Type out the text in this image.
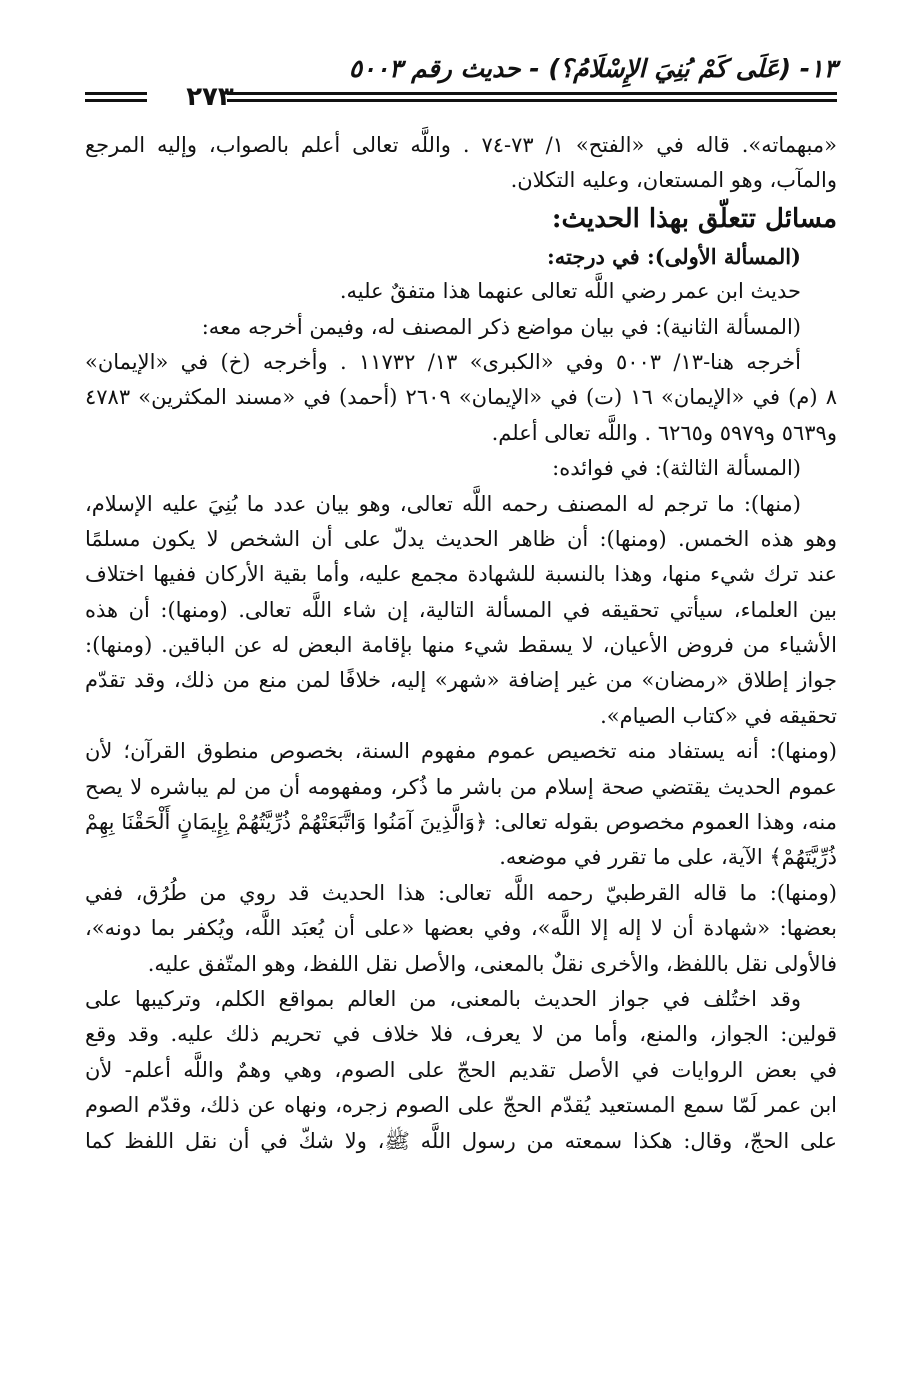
١٣- (عَلَى كَمْ بُنِيَ الإِسْلَامُ؟) - حديث رقم ٥٠٠٣
٢٧٣
«مبهماته». قاله في «الفتح» ١/ ٧٣-٧٤ . واللَّه تعالى أعلم بالصواب، وإليه المرجع
والمآب، وهو المستعان، وعليه التكلان.
مسائل تتعلّق بهذا الحديث:
(المسألة الأولى): في درجته:
حديث ابن عمر رضي اللَّه تعالى عنهما هذا متفقٌ عليه.
(المسألة الثانية): في بيان مواضع ذكر المصنف له، وفيمن أخرجه معه:
أخرجه هنا-١٣/ ٥٠٠٣ وفي «الكبرى» ١٣/ ١١٧٣٢ . وأخرجه (خ) في «الإيمان»
٨ (م) في «الإيمان» ١٦ (ت) في «الإيمان» ٢٦٠٩ (أحمد) في «مسند المكثرين» ٤٧٨٣
و٥٦٣٩ و٥٩٧٩ و٦٢٦٥ . واللَّه تعالى أعلم.
(المسألة الثالثة): في فوائده:
(منها): ما ترجم له المصنف رحمه اللَّه تعالى، وهو بيان عدد ما بُنِيَ عليه الإسلام،
وهو هذه الخمس. (ومنها): أن ظاهر الحديث يدلّ على أن الشخص لا يكون مسلمًا
عند ترك شيء منها، وهذا بالنسبة للشهادة مجمع عليه، وأما بقية الأركان ففيها اختلاف
بين العلماء، سيأتي تحقيقه في المسألة التالية، إن شاء اللَّه تعالى. (ومنها): أن هذه
الأشياء من فروض الأعيان، لا يسقط شيء منها بإقامة البعض له عن الباقين. (ومنها):
جواز إطلاق «رمضان» من غير إضافة «شهر» إليه، خلافًا لمن منع من ذلك، وقد تقدّم
تحقيقه في «كتاب الصيام».
(ومنها): أنه يستفاد منه تخصيص عموم مفهوم السنة، بخصوص منطوق القرآن؛ لأن
عموم الحديث يقتضي صحة إسلام من باشر ما ذُكر، ومفهومه أن من لم يباشره لا يصح
منه، وهذا العموم مخصوص بقوله تعالى: ﴿وَالَّذِينَ آمَنُوا وَاتَّبَعَتْهُمْ ذُرِّيَّتُهُمْ بِإِيمَانٍ أَلْحَقْنَا بِهِمْ
ذُرِّيَّتَهُمْ﴾ الآية، على ما تقرر في موضعه.
(ومنها): ما قاله القرطبيّ رحمه اللَّه تعالى: هذا الحديث قد روي من طُرُق، ففي
بعضها: «شهادة أن لا إله إلا اللَّه»، وفي بعضها «على أن يُعبَد اللَّه، ويُكفر بما دونه»،
فالأولى نقل باللفظ، والأخرى نقلٌ بالمعنى، والأصل نقل اللفظ، وهو المتّفق عليه.
وقد اختُلف في جواز الحديث بالمعنى، من العالم بمواقع الكلم، وتركيبها على
قولين: الجواز، والمنع، وأما من لا يعرف، فلا خلاف في تحريم ذلك عليه. وقد وقع
في بعض الروايات في الأصل تقديم الحجّ على الصوم، وهي وهمٌ واللَّه أعلم- لأن
ابن عمر لَمّا سمع المستعيد يُقدّم الحجّ على الصوم زجره، ونهاه عن ذلك، وقدّم الصوم
على الحجّ، وقال: هكذا سمعته من رسول اللَّه ﷺ، ولا شكّ في أن نقل اللفظ كما
